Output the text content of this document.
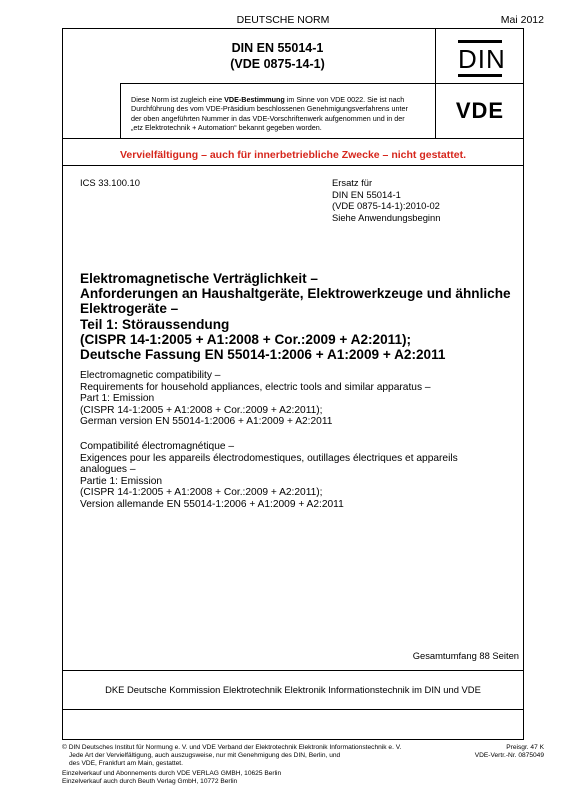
DEUTSCHE NORM	Mai 2012
DIN EN 55014-1
(VDE 0875-14-1)	DIN
VDE
Diese Norm ist zugleich eine VDE-Bestimmung im Sinne von VDE 0022. Sie ist nach
Durchführung des vom VDE-Präsidium beschlossenen Genehmigungsverfahrens unter
der oben angeführten Nummer in das VDE-Vorschriftenwerk aufgenommen und in der
„etz Elektrotechnik + Automation“ bekannt gegeben worden.
Vervielfältigung – auch für innerbetriebliche Zwecke – nicht gestattet.
ICS 33.100.10	Ersatz für
DIN EN 55014-1
(VDE 0875-14-1):2010-02
Siehe Anwendungsbeginn
Elektromagnetische Verträglichkeit –
Anforderungen an Haushaltgeräte, Elektrowerkzeuge und ähnliche
Elektrogeräte –
Teil 1: Störaussendung
(CISPR 14-1:2005 + A1:2008 + Cor.:2009 + A2:2011);
Deutsche Fassung EN 55014-1:2006 + A1:2009 + A2:2011
Electromagnetic compatibility –
Requirements for household appliances, electric tools and similar apparatus –
Part 1: Emission
(CISPR 14-1:2005 + A1:2008 + Cor.:2009 + A2:2011);
German version EN 55014-1:2006 + A1:2009 + A2:2011
Compatibilité électromagnétique –
Exigences pour les appareils électrodomestiques, outillages électriques et appareils
analogues –
Partie 1: Emission
(CISPR 14-1:2005 + A1:2008 + Cor.:2009 + A2:2011);
Version allemande EN 55014-1:2006 + A1:2009 + A2:2011
Gesamtumfang 88 Seiten
DKE Deutsche Kommission Elektrotechnik Elektronik Informationstechnik im DIN und VDE
© DIN Deutsches Institut für Normung e. V. und VDE Verband der Elektrotechnik Elektronik Informationstechnik e. V.
Jede Art der Vervielfältigung, auch auszugsweise, nur mit Genehmigung des DIN, Berlin, und
des VDE, Frankfurt am Main, gestattet.
Preisgr. 47 K
VDE-Vertr.-Nr. 0875049
Einzelverkauf und Abonnements durch VDE VERLAG GMBH, 10625 Berlin
Einzelverkauf auch durch Beuth Verlag GmbH, 10772 Berlin
